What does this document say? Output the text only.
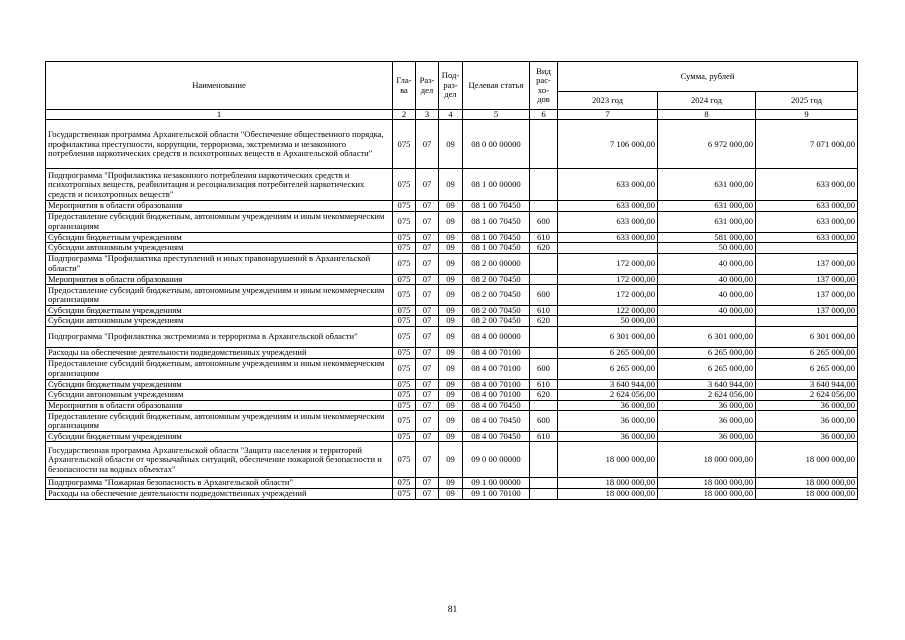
Наименование	Гла-ва	Раз-дел	Под-раз-дел	Целевая статья	Вид рас-хо-дов	Сумма, рублей		
						2023 год	2024 год	2025 год
1	2	3	4	5	6	7	8	9
Государственная программа Архангельской области "Обеспечение общественного порядка, профилактика преступности, коррупции, терроризма, экстремизма и незаконного потребления наркотических средств и психотропных веществ в Архангельской области"	075	07	09	08 0 00 00000		7 106 000,00	6 972 000,00	7 071 000,00
Подпрограмма "Профилактика незаконного потребления наркотических средств и психотропных веществ, реабилитация и ресоциализация потребителей наркотических средств и психотропных веществ"	075	07	09	08 1 00 00000		633 000,00	631 000,00	633 000,00
Мероприятия в области образования	075	07	09	08 1 00 70450		633 000,00	631 000,00	633 000,00
Предоставление субсидий бюджетным, автономным учреждениям и иным некоммерческим организациям	075	07	09	08 1 00 70450	600	633 000,00	631 000,00	633 000,00
Субсидии бюджетным учреждениям	075	07	09	08 1 00 70450	610	633 000,00	581 000,00	633 000,00
Субсидии автономным учреждениям	075	07	09	08 1 00 70450	620		50 000,00	
Подпрограмма "Профилактика преступлений и иных правонарушений в Архангельской области"	075	07	09	08 2 00 00000		172 000,00	40 000,00	137 000,00
Мероприятия в области образования	075	07	09	08 2 00 70450		172 000,00	40 000,00	137 000,00
Предоставление субсидий бюджетным, автономным учреждениям и иным некоммерческим организациям	075	07	09	08 2 00 70450	600	172 000,00	40 000,00	137 000,00
Субсидии бюджетным учреждениям	075	07	09	08 2 00 70450	610	122 000,00	40 000,00	137 000,00
Субсидии автономным учреждениям	075	07	09	08 2 00 70450	620	50 000,00		
Подпрограмма "Профилактика экстремизма и терроризма в Архангельской области"	075	07	09	08 4 00 00000		6 301 000,00	6 301 000,00	6 301 000,00
Расходы на обеспечение деятельности подведомственных учреждений	075	07	09	08 4 00 70100		6 265 000,00	6 265 000,00	6 265 000,00
Предоставление субсидий бюджетным, автономным учреждениям и иным некоммерческим организациям	075	07	09	08 4 00 70100	600	6 265 000,00	6 265 000,00	6 265 000,00
Субсидии бюджетным учреждениям	075	07	09	08 4 00 70100	610	3 640 944,00	3 640 944,00	3 640 944,00
Субсидии автономным учреждениям	075	07	09	08 4 00 70100	620	2 624 056,00	2 624 056,00	2 624 056,00
Мероприятия в области образования	075	07	09	08 4 00 70450		36 000,00	36 000,00	36 000,00
Предоставление субсидий бюджетным, автономным учреждениям и иным некоммерческим организациям	075	07	09	08 4 00 70450	600	36 000,00	36 000,00	36 000,00
Субсидии бюджетным учреждениям	075	07	09	08 4 00 70450	610	36 000,00	36 000,00	36 000,00
Государственная программа Архангельской области "Защита населения и территорий Архангельской области от чрезвычайных ситуаций, обеспечение пожарной безопасности и безопасности на водных объектах"	075	07	09	09 0 00 00000		18 000 000,00	18 000 000,00	18 000 000,00
Подпрограмма "Пожарная безопасность в Архангельской области"	075	07	09	09 1 00 00000		18 000 000,00	18 000 000,00	18 000 000,00
Расходы на обеспечение деятельности подведомственных учреждений	075	07	09	09 1 00 70100		18 000 000,00	18 000 000,00	18 000 000,00
81
